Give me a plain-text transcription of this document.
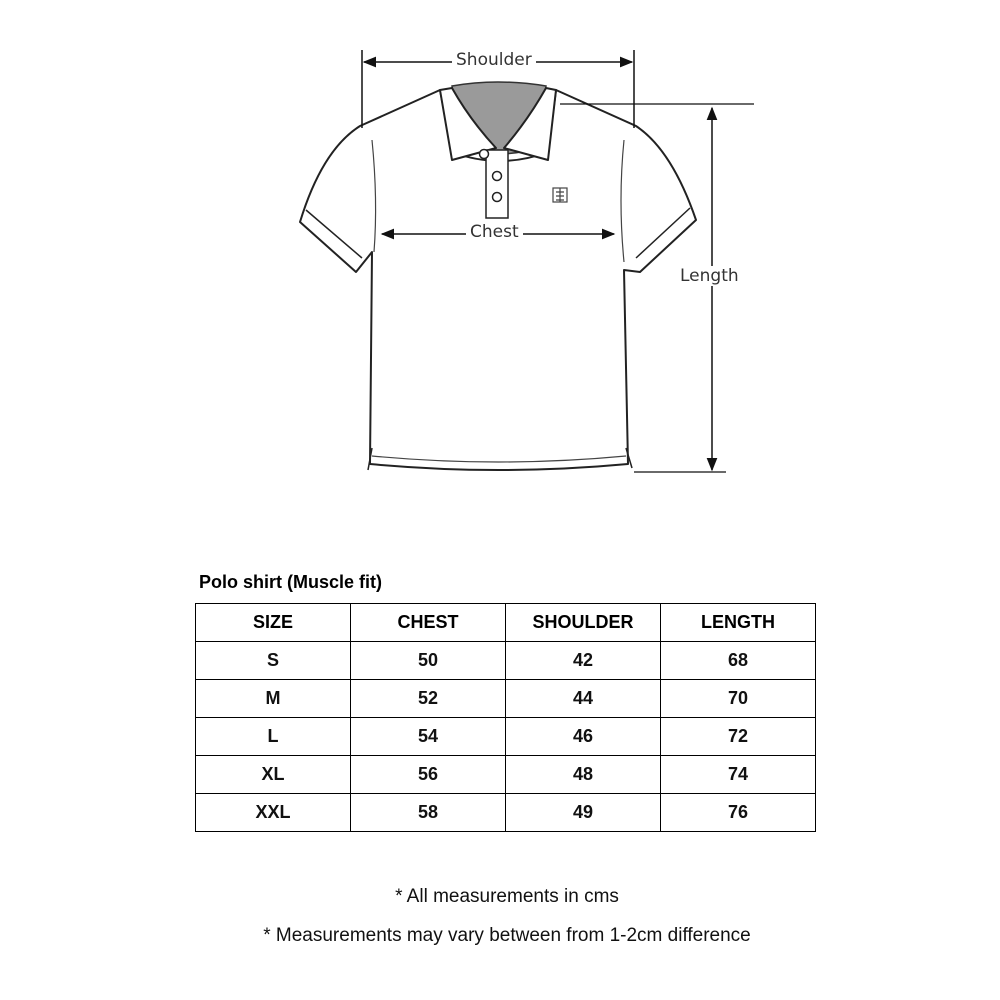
Shoulder
Chest
Length
Polo shirt (Muscle fit)
SIZE	CHEST	SHOULDER	LENGTH
S	50	42	68
M	52	44	70
L	54	46	72
XL	56	48	74
XXL	58	49	76
* All measurements in cms
* Measurements may vary between from 1-2cm difference
